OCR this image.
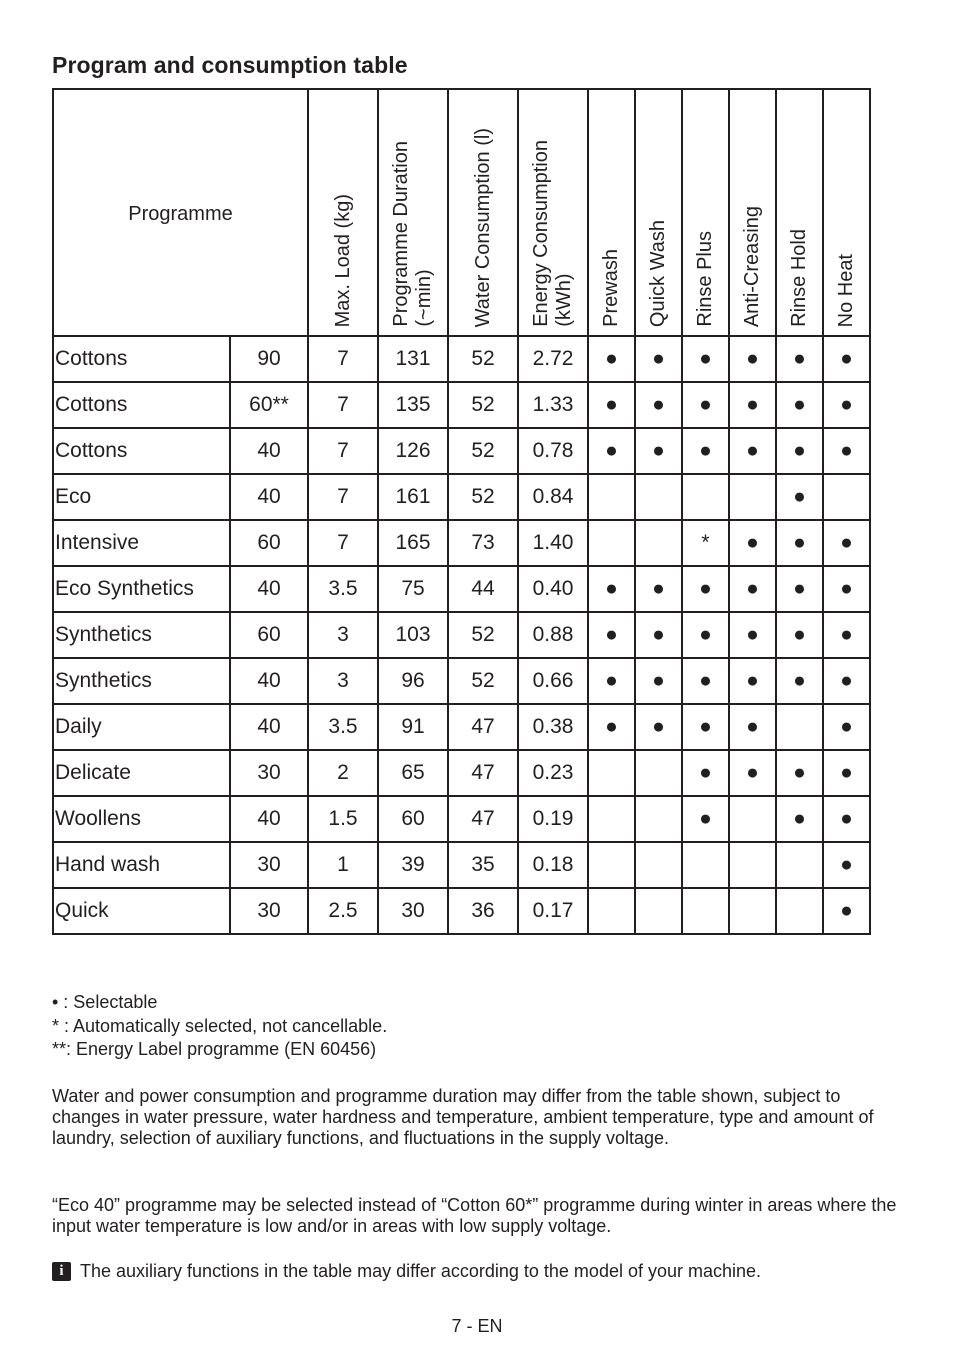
Program and consumption table
Programme		Max. Load (kg)	Programme Duration (~min)	Water Consumption (l)	Energy Consumption (kWh)	Prewash	Quick Wash	Rinse Plus	Anti-Creasing	Rinse Hold	No Heat

Cottons	90	7	131	52	2.72	●	●	●	●	●	●
Cottons	60**	7	135	52	1.33	●	●	●	●	●	●
Cottons	40	7	126	52	0.78	●	●	●	●	●	●
Eco	40	7	161	52	0.84					●	
Intensive	60	7	165	73	1.40			*	●	●	●
Eco Synthetics	40	3.5	75	44	0.40	●	●	●	●	●	●
Synthetics	60	3	103	52	0.88	●	●	●	●	●	●
Synthetics	40	3	96	52	0.66	●	●	●	●	●	●
Daily	40	3.5	91	47	0.38	●	●	●	●		●
Delicate	30	2	65	47	0.23			●	●	●	●
Woollens	40	1.5	60	47	0.19			●		●	●
Hand wash	30	1	39	35	0.18						●
Quick	30	2.5	30	36	0.17						●
• : Selectable
* : Automatically selected, not cancellable.
**: Energy Label programme (EN 60456)
Water and power consumption and programme duration may differ from the table shown, subject to changes in water pressure, water hardness and temperature, ambient temperature, type and amount of laundry, selection of auxiliary functions, and fluctuations in the supply voltage.
“Eco 40” programme may be selected instead of “Cotton 60*” programme during winter in areas where the input water temperature is low and/or in areas with low supply voltage.
i The auxiliary functions in the table may differ according to the model of your machine.
7 - EN
